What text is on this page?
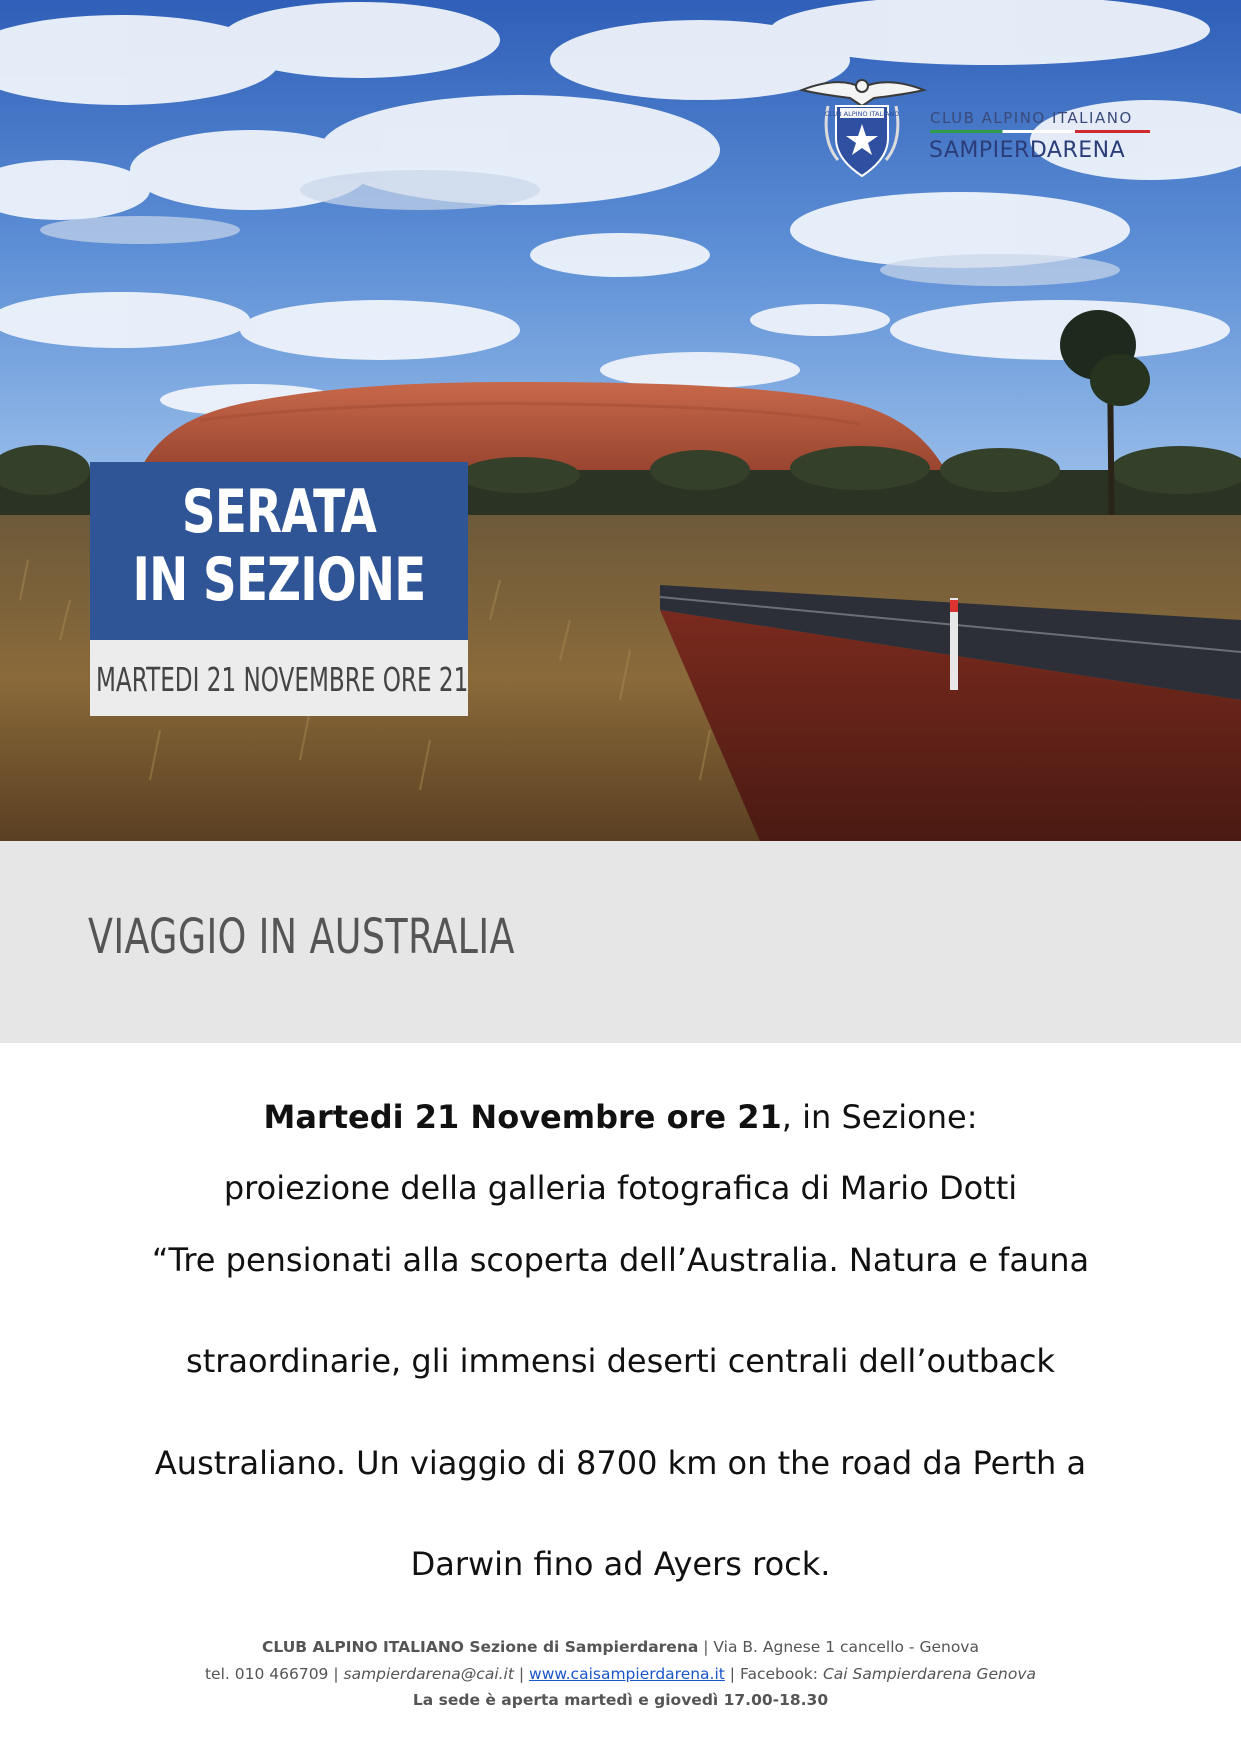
CLUB ALPINO ITALIANO CLUB ALPINO ITALIANO
SAMPIERDARENA
SERATA
IN SEZIONE
MARTEDI 21 NOVEMBRE ORE 21
VIAGGIO IN AUSTRALIA
Martedi 21 Novembre ore 21, in Sezione:
proiezione della galleria fotografica di Mario Dotti
“Tre pensionati alla scoperta dell’Australia. Natura e fauna
straordinarie, gli immensi deserti centrali dell’outback
Australiano. Un viaggio di 8700 km on the road da Perth a
Darwin fino ad Ayers rock.
CLUB ALPINO ITALIANO Sezione di Sampierdarena | Via B. Agnese 1 cancello - Genova
tel. 010 466709 | sampierdarena@cai.it | www.caisampierdarena.it | Facebook: Cai Sampierdarena Genova
La sede è aperta martedì e giovedì 17.00-18.30
